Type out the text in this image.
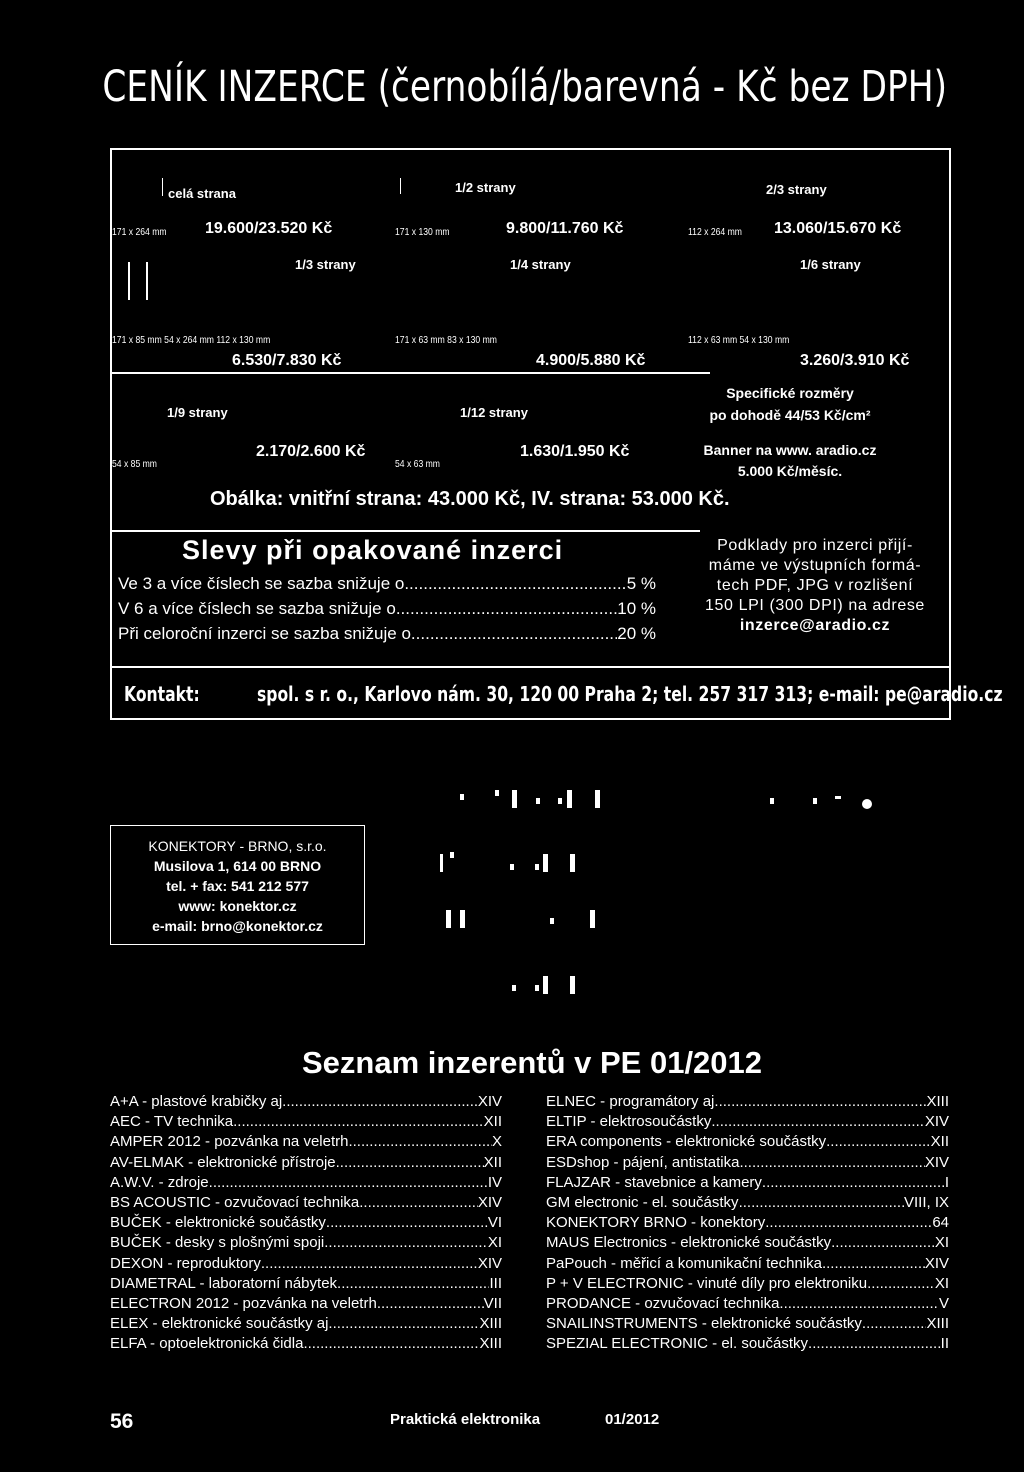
CENÍK INZERCE (černobílá/barevná - Kč bez DPH)
celá strana
171 x 264 mm 19.600/23.520 Kč
1/2 strany
171 x 130 mm	9.800/11.760 Kč
2/3 strany
112 x 264 mm 13.060/15.670 Kč
1/3 strany
171 x 85 mm 54 x 264 mm 112 x 130 mm
6.530/7.830 Kč
1/4 strany
171 x 63 mm 83 x 130 mm
4.900/5.880 Kč
1/6 strany
112 x 63 mm 54 x 130 mm
3.260/3.910 Kč
1/9 strany
54 x 85 mm
2.170/2.600 Kč
1/12 strany
54 x 63 mm
1.630/1.950 Kč
Specifické rozměry
po dohodě 44/53 Kč/cm²
Banner na www. aradio.cz
5.000 Kč/měsíc.
Obálka: vnitřní strana: 43.000 Kč, IV. strana: 53.000 Kč.
Slevy při opakované inzerci
Ve 3 a více číslech se sazba snižuje o .....	5 %
V 6 a více číslech se sazba snižuje o .....	10 %
Při celoroční inzerci se sazba snižuje o .....	20 %
Podklady pro inzerci přijí-
máme ve výstupních formá-
tech PDF, JPG v rozlišení
150 LPI (300 DPI) na adrese
inzerce@aradio.cz
Kontakt:	spol. s r. o., Karlovo nám. 30, 120 00 Praha 2; tel. 257 317 313; e-mail: pe@aradio.cz
KONEKTORY - BRNO, s.r.o.
Musilova 1, 614 00 BRNO
tel. + fax: 541 212 577
www: konektor.cz
e-mail: brno@konektor.cz
Seznam inzerentů v PE 01/2012
A+A - plastové krabičky aj. .....	XIV
AEC - TV technika .....	XII
AMPER 2012 - pozvánka na veletrh .....	X
AV-ELMAK - elektronické přístroje .....	XII
A.W.V. - zdroje .....	IV
BS ACOUSTIC - ozvučovací technika .....	XIV
BUČEK - elektronické součástky .....	VI
BUČEK - desky s plošnými spoji .....	XI
DEXON - reproduktory .....	XIV
DIAMETRAL - laboratorní nábytek .....	III
ELECTRON 2012 - pozvánka na veletrh .....	VII
ELEX - elektronické součástky aj. .....	XIII
ELFA - optoelektronická čidla .....	XIII
ELNEC - programátory aj. .....	XIII
ELTIP - elektrosoučástky .....	XIV
ERA components - elektronické součástky .....	XII
ESDshop - pájení, antistatika .....	XIV
FLAJZAR - stavebnice a kamery .....	I
GM electronic - el. součástky .....	VIII, IX
KONEKTORY BRNO - konektory .....	64
MAUS Electronics - elektronické součástky .....	XI
PaPouch - měřicí a komunikační technika .....	XIV
P + V ELECTRONIC - vinuté díly pro elektroniku .....	XI
PRODANCE - ozvučovací technika .....	V
SNAILINSTRUMENTS - elektronické součástky .....	XIII
SPEZIAL ELECTRONIC - el. součástky .....	II
56	Praktická elektronika	01/2012
